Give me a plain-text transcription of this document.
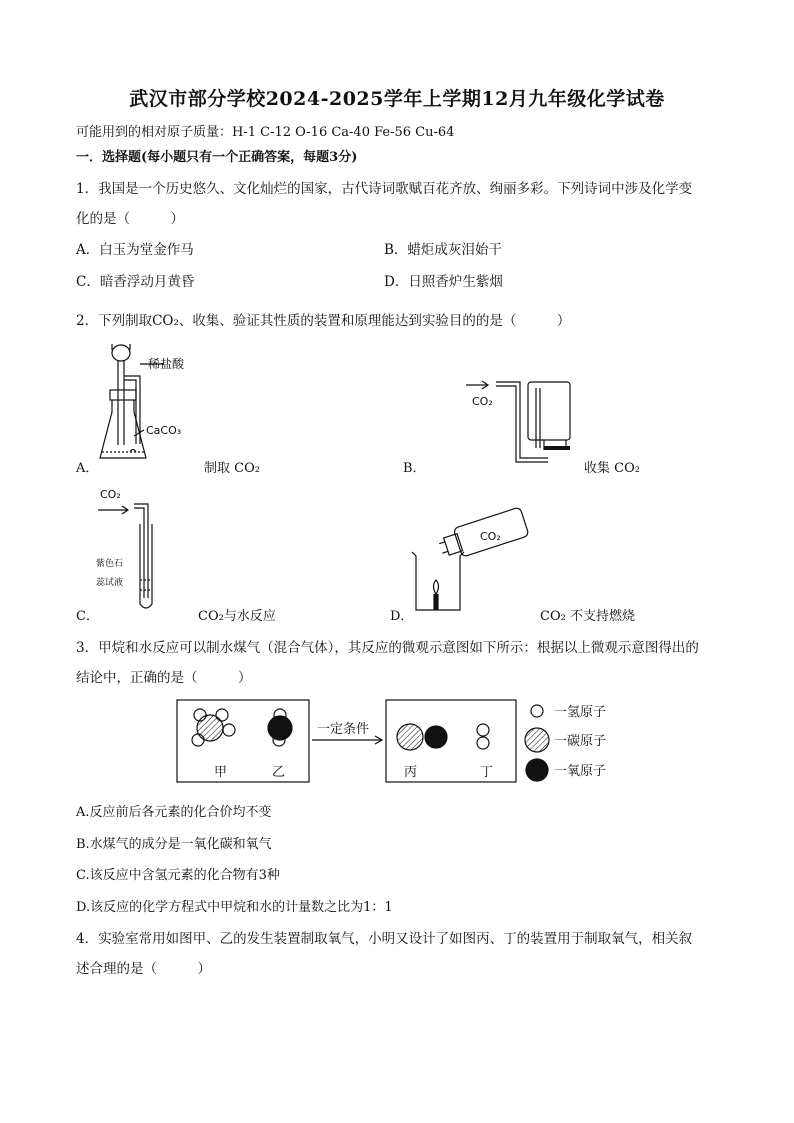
武汉市部分学校2024-2025学年上学期12月九年级化学试卷
可能用到的相对原子质量：H-1 C-12 O-16 Ca-40 Fe-56 Cu-64
一．选择题(每小题只有一个正确答案，每题3分)
1．我国是一个历史悠久、文化灿烂的国家，古代诗词歌赋百花齐放、绚丽多彩。下列诗词中涉及化学变
化的是（　　　）
A．白玉为堂金作马	B．蜡炬成灰泪始干
C．暗香浮动月黄昏	D．日照香炉生紫烟
2．下列制取CO₂、收集、验证其性质的装置和原理能达到实验目的的是（　　　）
稀盐酸
CaCO₃
A．	制取 CO₂
CO₂
B．	收集 CO₂
CO₂
紫色石
蕊试液
C．	CO₂与水反应
CO₂
D．	CO₂ 不支持燃烧
3．甲烷和水反应可以制水煤气（混合气体），其反应的微观示意图如下所示：根据以上微观示意图得出的
结论中，正确的是（　　　）
一定条件
甲	乙	丙	丁
一氢原子
一碳原子
一氧原子
A.反应前后各元素的化合价均不变
B.水煤气的成分是一氧化碳和氧气
C.该反应中含氢元素的化合物有3种
D.该反应的化学方程式中甲烷和水的计量数之比为1：1
4．实验室常用如图甲、乙的发生装置制取氧气，小明又设计了如图丙、丁的装置用于制取氧气，相关叙
述合理的是（　　　）
